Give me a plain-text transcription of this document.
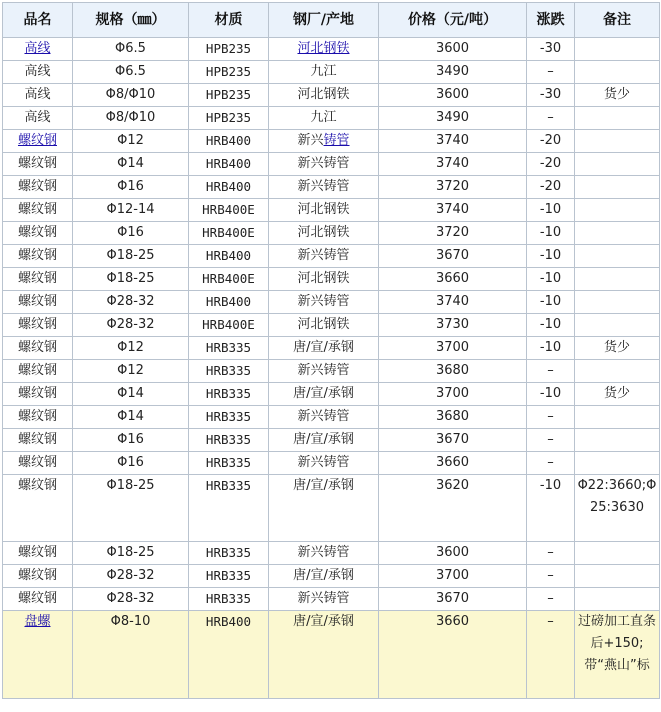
品名	规格（㎜）	材质	钢厂/产地	价格（元/吨）	涨跌	备注
高线	Φ6.5	HPB235	河北钢铁	3600	-30	
高线	Φ6.5	HPB235	九江	3490	–	
高线	Φ8/Φ10	HPB235	河北钢铁	3600	-30	货少
高线	Φ8/Φ10	HPB235	九江	3490	–	
螺纹钢	Φ12	HRB400	新兴铸管	3740	-20	
螺纹钢	Φ14	HRB400	新兴铸管	3740	-20	
螺纹钢	Φ16	HRB400	新兴铸管	3720	-20	
螺纹钢	Φ12-14	HRB400E	河北钢铁	3740	-10	
螺纹钢	Φ16	HRB400E	河北钢铁	3720	-10	
螺纹钢	Φ18-25	HRB400	新兴铸管	3670	-10	
螺纹钢	Φ18-25	HRB400E	河北钢铁	3660	-10	
螺纹钢	Φ28-32	HRB400	新兴铸管	3740	-10	
螺纹钢	Φ28-32	HRB400E	河北钢铁	3730	-10	
螺纹钢	Φ12	HRB335	唐/宣/承钢	3700	-10	货少
螺纹钢	Φ12	HRB335	新兴铸管	3680	–	
螺纹钢	Φ14	HRB335	唐/宣/承钢	3700	-10	货少
螺纹钢	Φ14	HRB335	新兴铸管	3680	–	
螺纹钢	Φ16	HRB335	唐/宣/承钢	3670	–	
螺纹钢	Φ16	HRB335	新兴铸管	3660	–	
螺纹钢	Φ18-25	HRB335	唐/宣/承钢	3620	-10	Φ22:3660;Φ25:3630
螺纹钢	Φ18-25	HRB335	新兴铸管	3600	–	
螺纹钢	Φ28-32	HRB335	唐/宣/承钢	3700	–	
螺纹钢	Φ28-32	HRB335	新兴铸管	3670	–	
盘螺	Φ8-10	HRB400	唐/宣/承钢	3660	–	过磅加工直条后+150;带“燕山”标
